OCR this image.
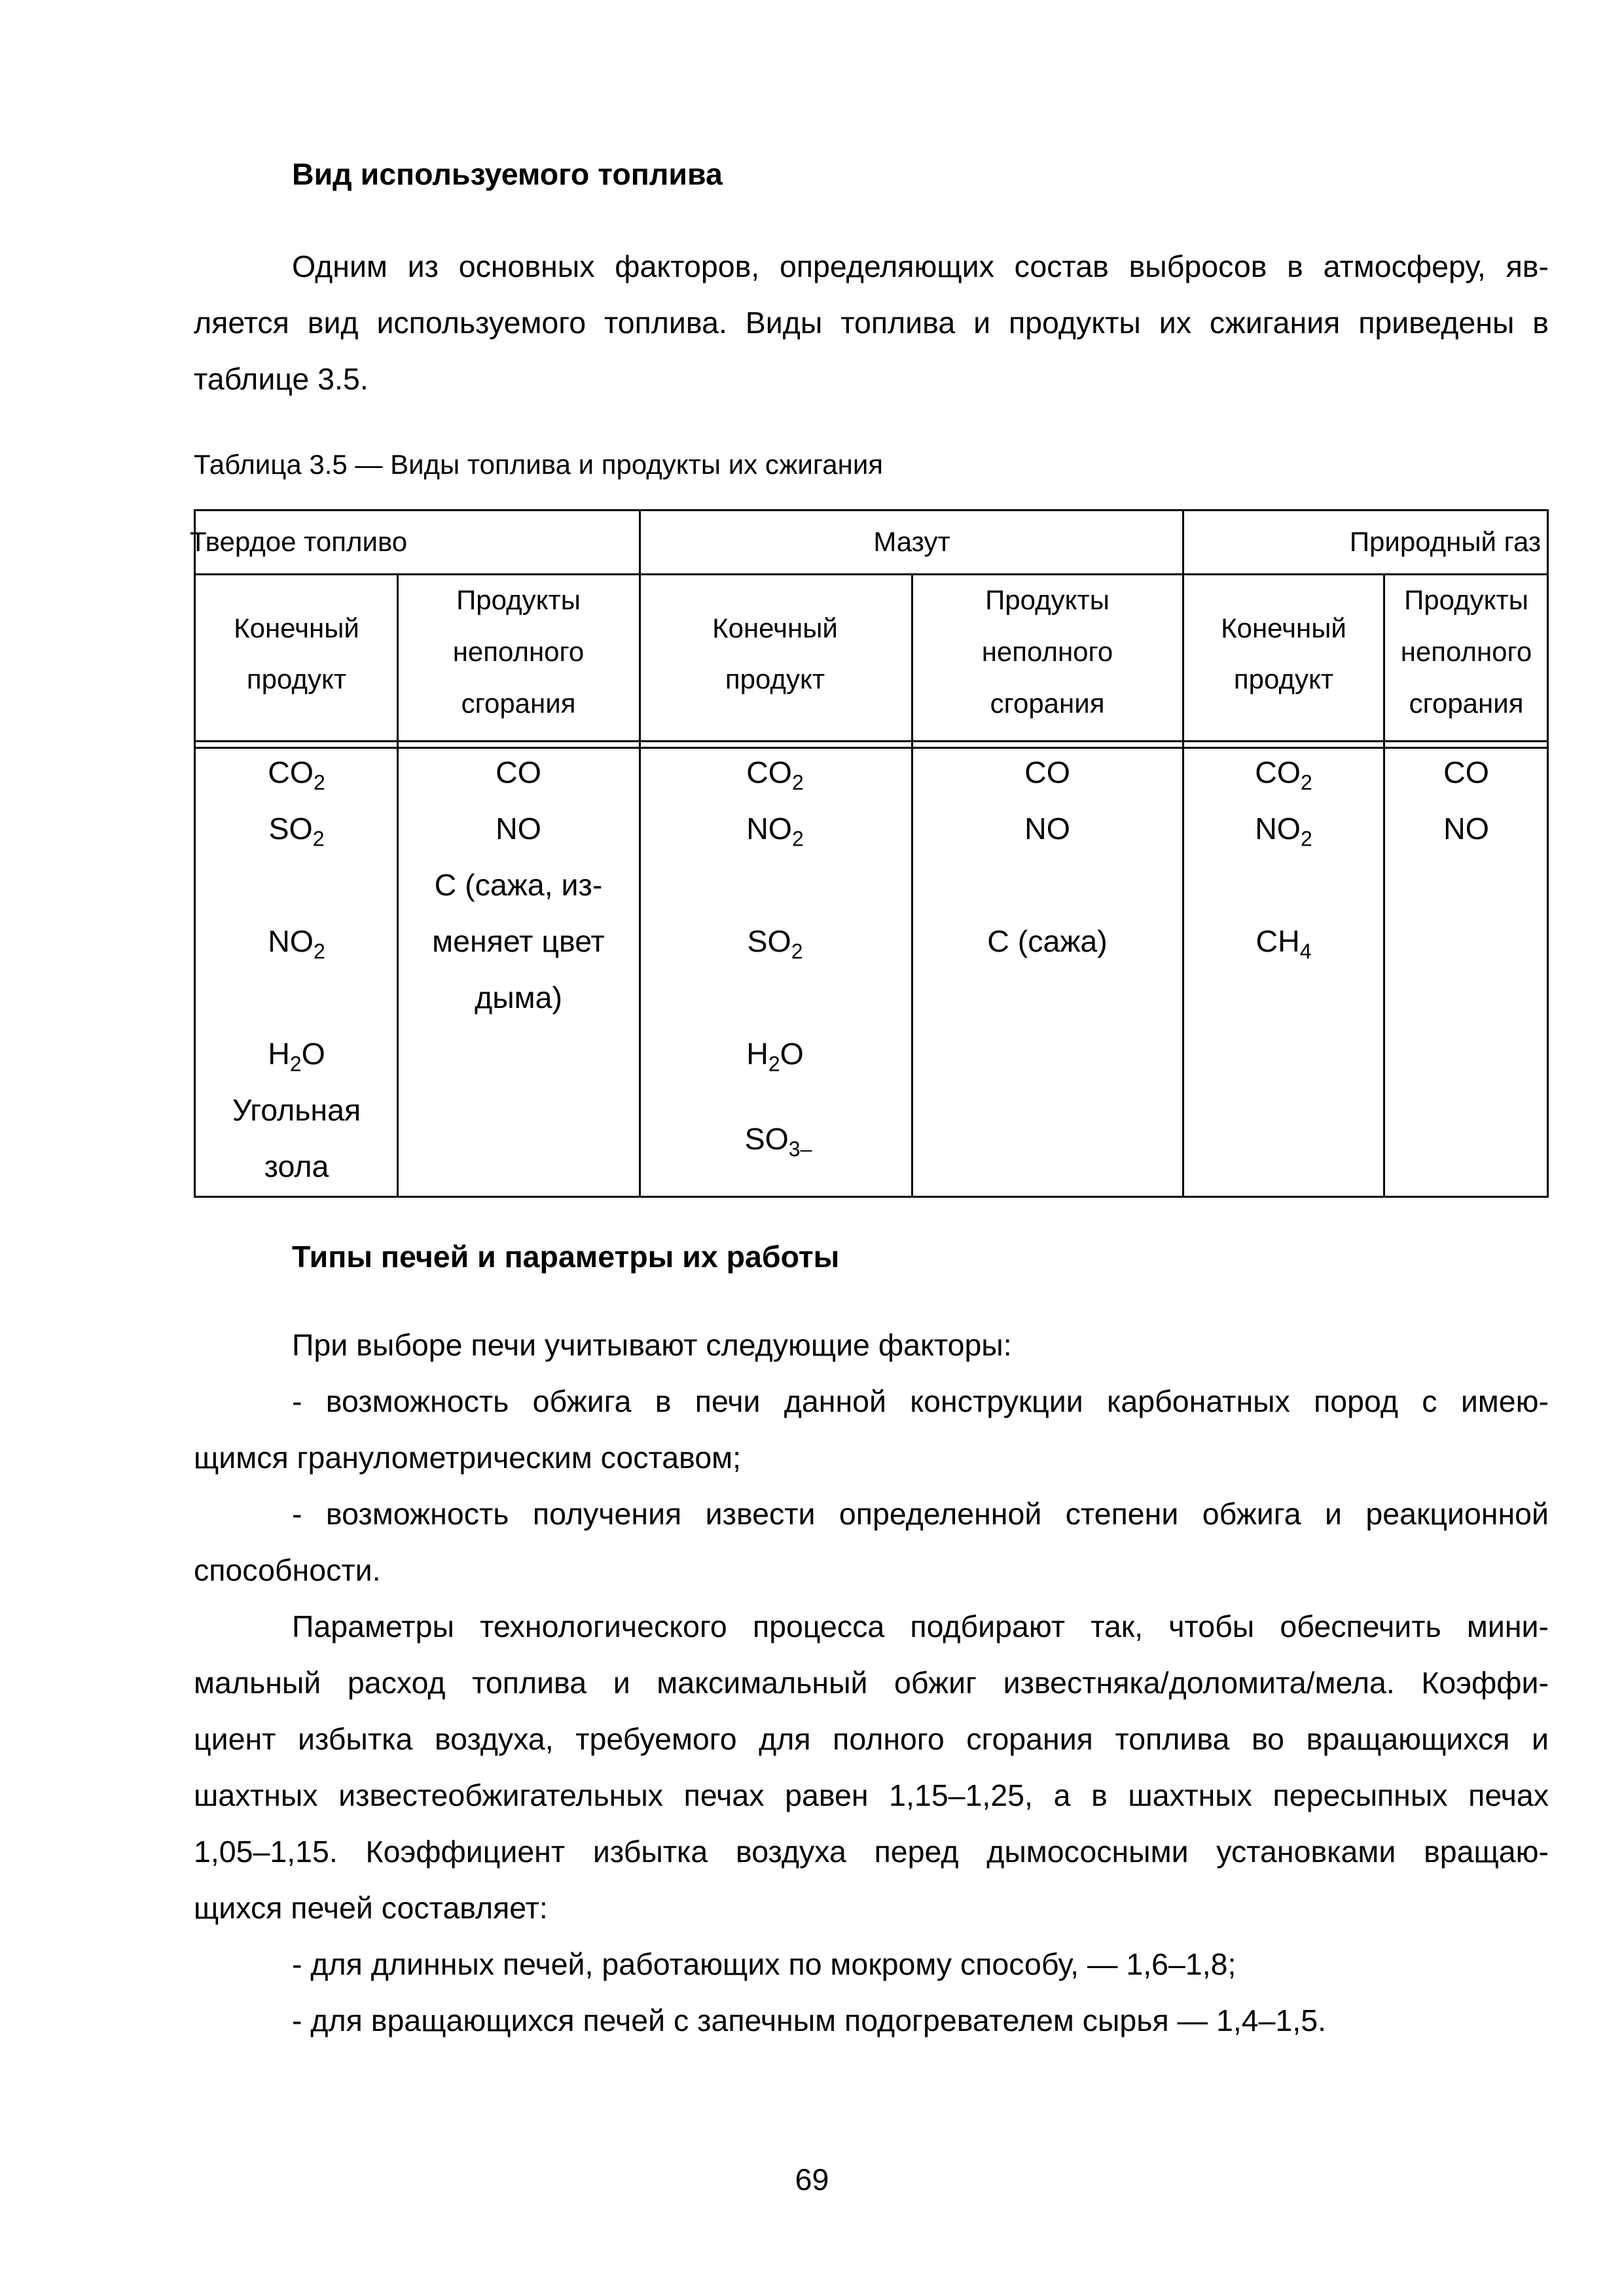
Вид используемого топлива
Одним из основных факторов, определяющих состав выбросов в атмосферу, яв-
ляется вид используемого топлива. Виды топлива и продукты их сжигания приведены в
таблице 3.5.
Таблица 3.5 — Виды топлива и продукты их сжигания
Твердое топливо	Мазут	Природный газ
Конечный
продукт
Конечный
продукт
Конечный
продукт
Продукты
неполного
сгорания
Продукты
неполного
сгорания
Продукты
неполного
сгорания
$CO_2$
$SO_2$
$NO_2$
$H_2O$
Угольная
зола
CO
NO
C (сажа, из-
меняет цвет
дыма)
$CO_2$
$NO_2$
$SO_2$
$H_2O$
$SO_{3-}$
CO
NO
C (сажа)
$CO_2$
$NO_2$
$CH_4$
CO
NO
Типы печей и параметры их работы
При выборе печи учитывают следующие факторы:
- возможность обжига в печи данной конструкции карбонатных пород с имею-
щимся гранулометрическим составом;
- возможность получения извести определенной степени обжига и реакционной
способности.
Параметры технологического процесса подбирают так, чтобы обеспечить мини-
мальный расход топлива и максимальный обжиг известняка/доломита/мела. Коэффи-
циент избытка воздуха, требуемого для полного сгорания топлива во вращающихся и
шахтных известеобжигательных печах равен 1,15–1,25, а в шахтных пересыпных печах
1,05–1,15. Коэффициент избытка воздуха перед дымососными установками вращаю-
щихся печей составляет:
- для длинных печей, работающих по мокрому способу, — 1,6–1,8;
- для вращающихся печей с запечным подогревателем сырья — 1,4–1,5.
69
